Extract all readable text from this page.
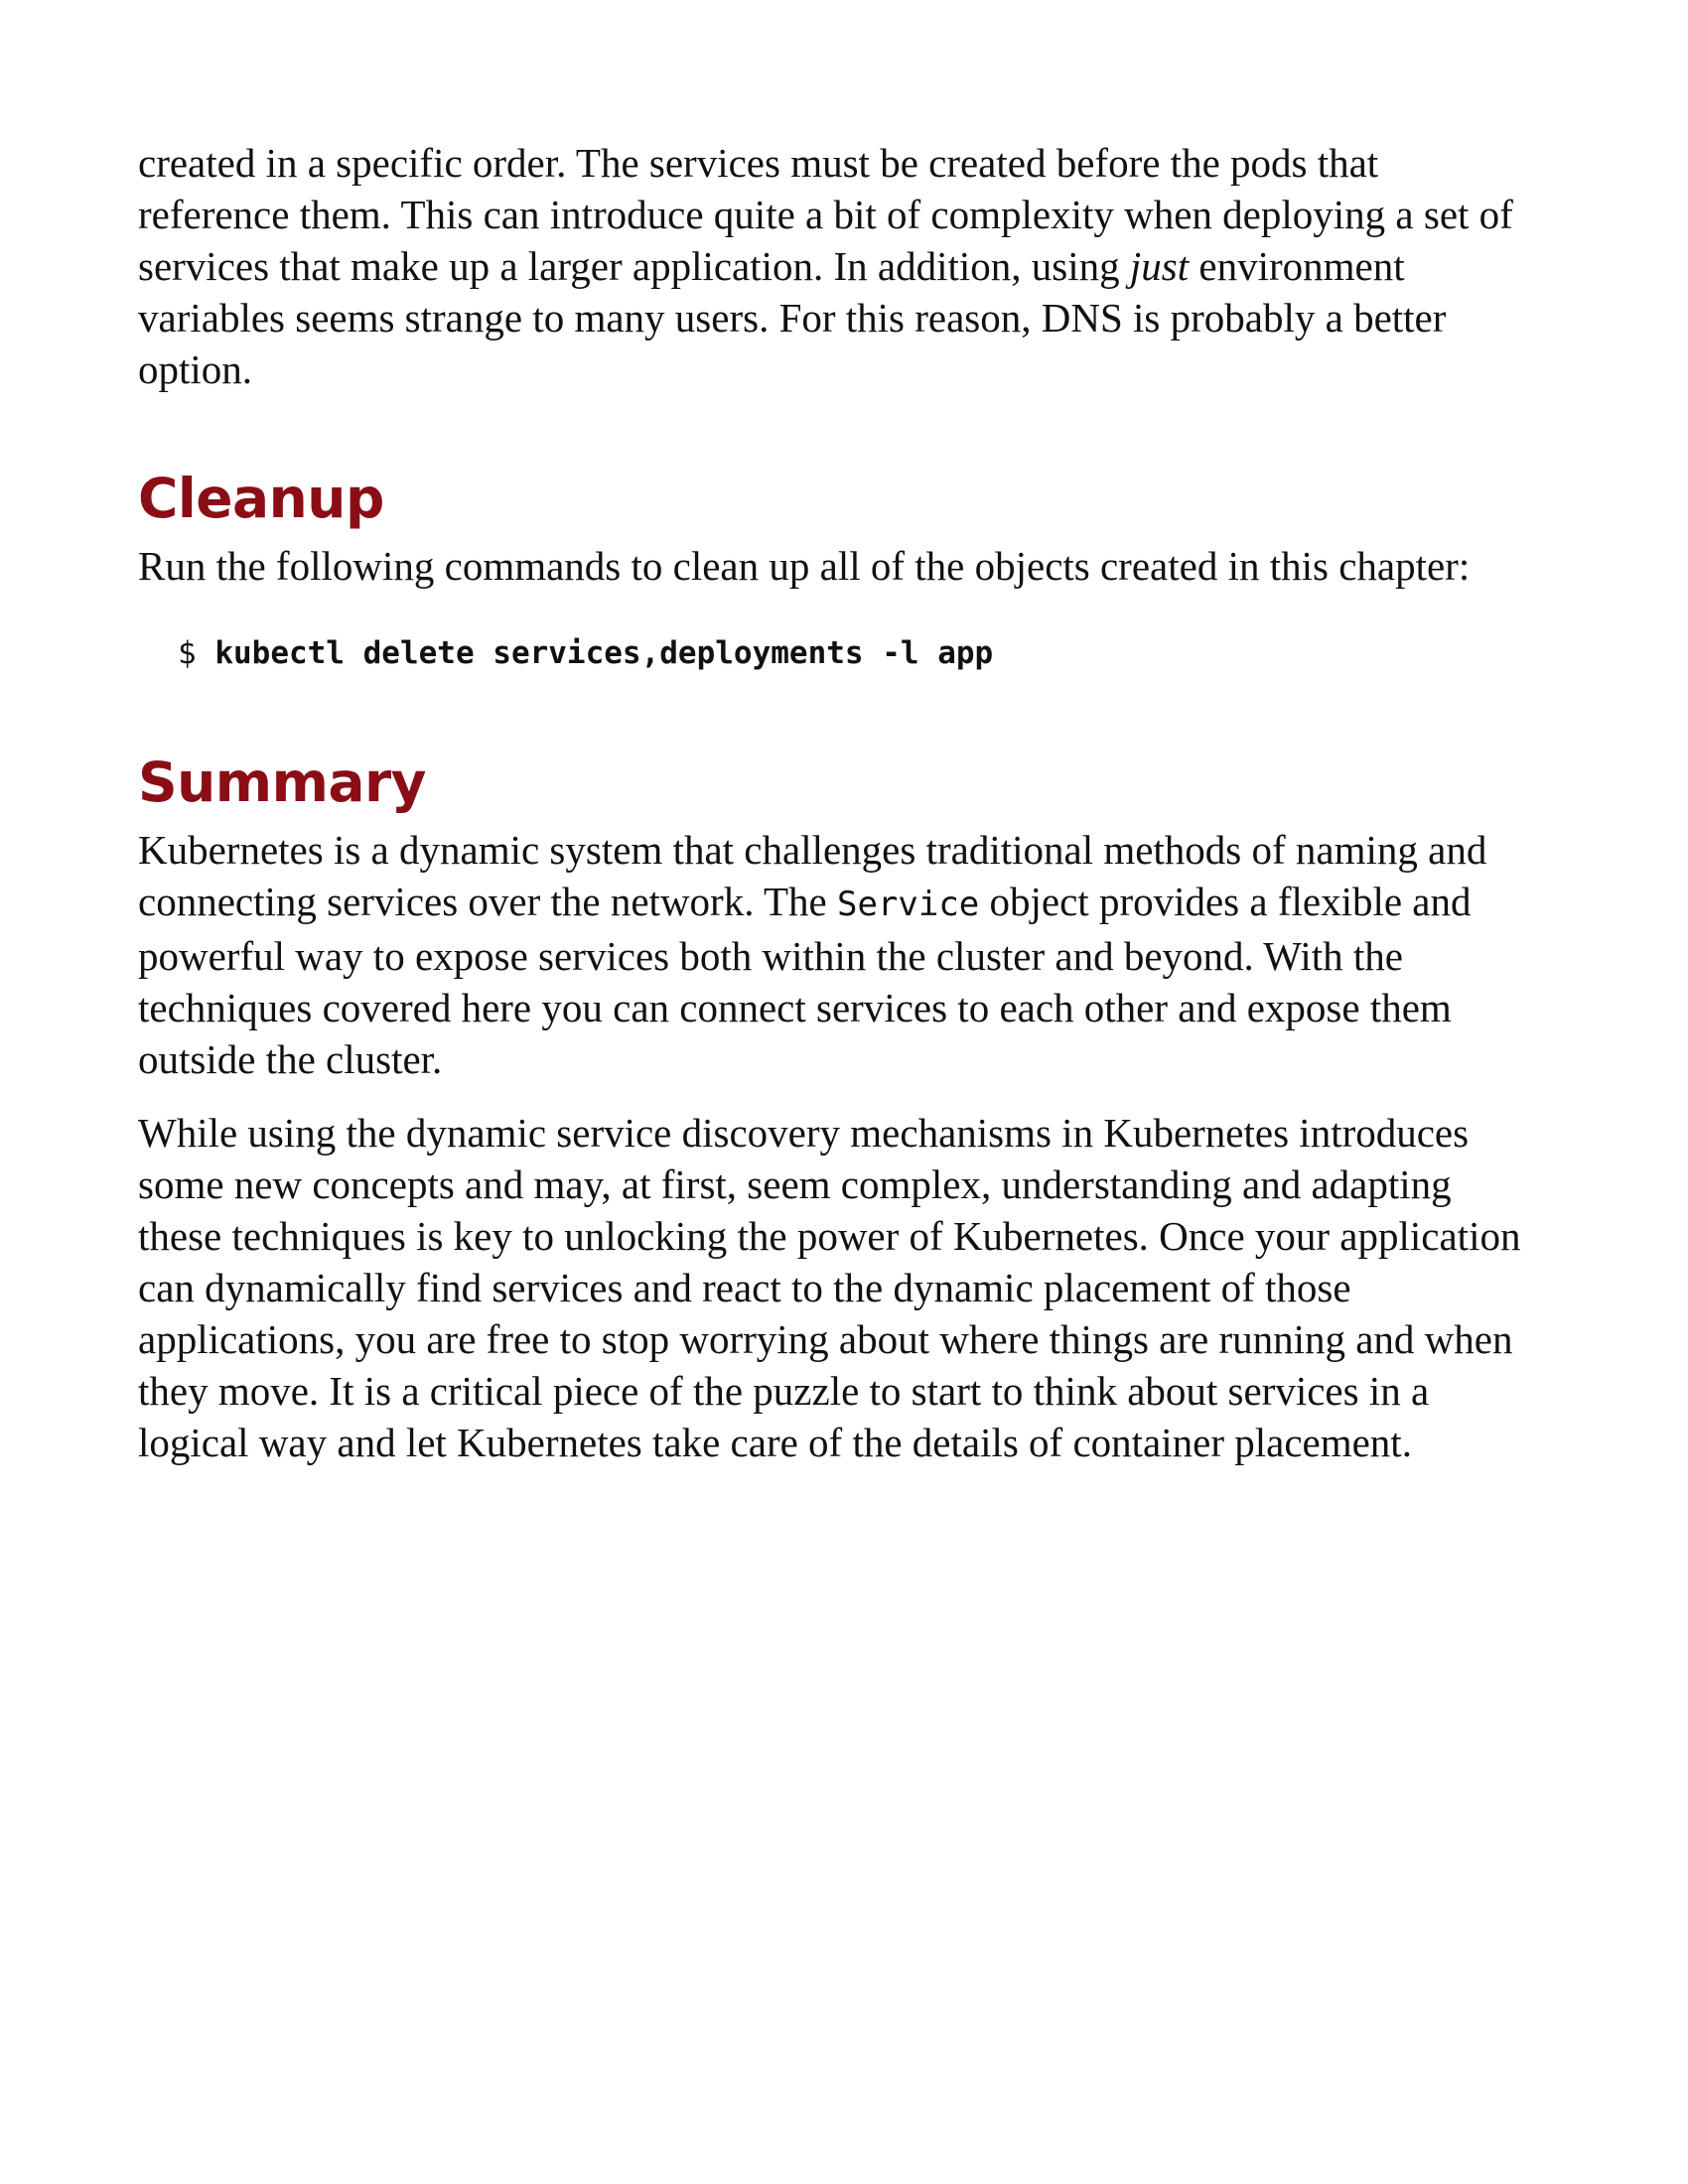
created in a specific order. The services must be created before the pods that
reference them. This can introduce quite a bit of complexity when deploying a set of
services that make up a larger application. In addition, using just environment
variables seems strange to many users. For this reason, DNS is probably a better
option.
Cleanup
Run the following commands to clean up all of the objects created in this chapter:
$ kubectl delete services,deployments -l app
Summary
Kubernetes is a dynamic system that challenges traditional methods of naming and
connecting services over the network. The Service object provides a flexible and
powerful way to expose services both within the cluster and beyond. With the
techniques covered here you can connect services to each other and expose them
outside the cluster.
While using the dynamic service discovery mechanisms in Kubernetes introduces
some new concepts and may, at first, seem complex, understanding and adapting
these techniques is key to unlocking the power of Kubernetes. Once your application
can dynamically find services and react to the dynamic placement of those
applications, you are free to stop worrying about where things are running and when
they move. It is a critical piece of the puzzle to start to think about services in a
logical way and let Kubernetes take care of the details of container placement.
